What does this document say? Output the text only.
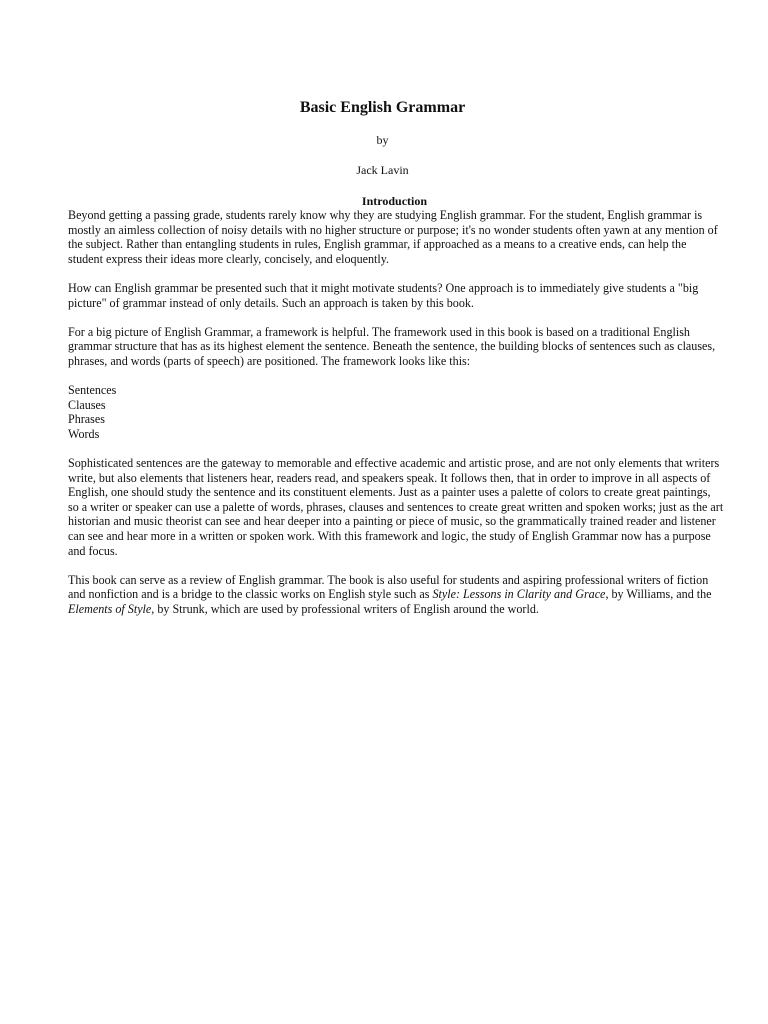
Basic English Grammar
by
Jack Lavin
Introduction

Beyond getting a passing grade, students rarely know why they are studying English grammar. For the student, English grammar is mostly an aimless collection of noisy details with no higher structure or purpose; it's no wonder students often yawn at any mention of the subject. Rather than entangling students in rules, English grammar, if approached as a means to a creative ends, can help the student express their ideas more clearly, concisely, and eloquently.

How can English grammar be presented such that it might motivate students? One approach is to immediately give students a "big picture" of grammar instead of only details. Such an approach is taken by this book.

For a big picture of English Grammar, a framework is helpful. The framework used in this book is based on a traditional English grammar structure that has as its highest element the sentence. Beneath the sentence, the building blocks of sentences such as clauses, phrases, and words (parts of speech) are positioned. The framework looks like this:

Sentences
Clauses
Phrases
Words

Sophisticated sentences are the gateway to memorable and effective academic and artistic prose, and are not only elements that writers write, but also elements that listeners hear, readers read, and speakers speak. It follows then, that in order to improve in all aspects of English, one should study the sentence and its constituent elements. Just as a painter uses a palette of colors to create great paintings, so a writer or speaker can use a palette of words, phrases, clauses and sentences to create great written and spoken works; just as the art historian and music theorist can see and hear deeper into a painting or piece of music, so the grammatically trained reader and listener can see and hear more in a written or spoken work. With this framework and logic, the study of English Grammar now has a purpose and focus.

This book can serve as a review of English grammar. The book is also useful for students and aspiring professional writers of fiction and nonfiction and is a bridge to the classic works on English style such as Style: Lessons in Clarity and Grace, by Williams, and the Elements of Style, by Strunk, which are used by professional writers of English around the world.
